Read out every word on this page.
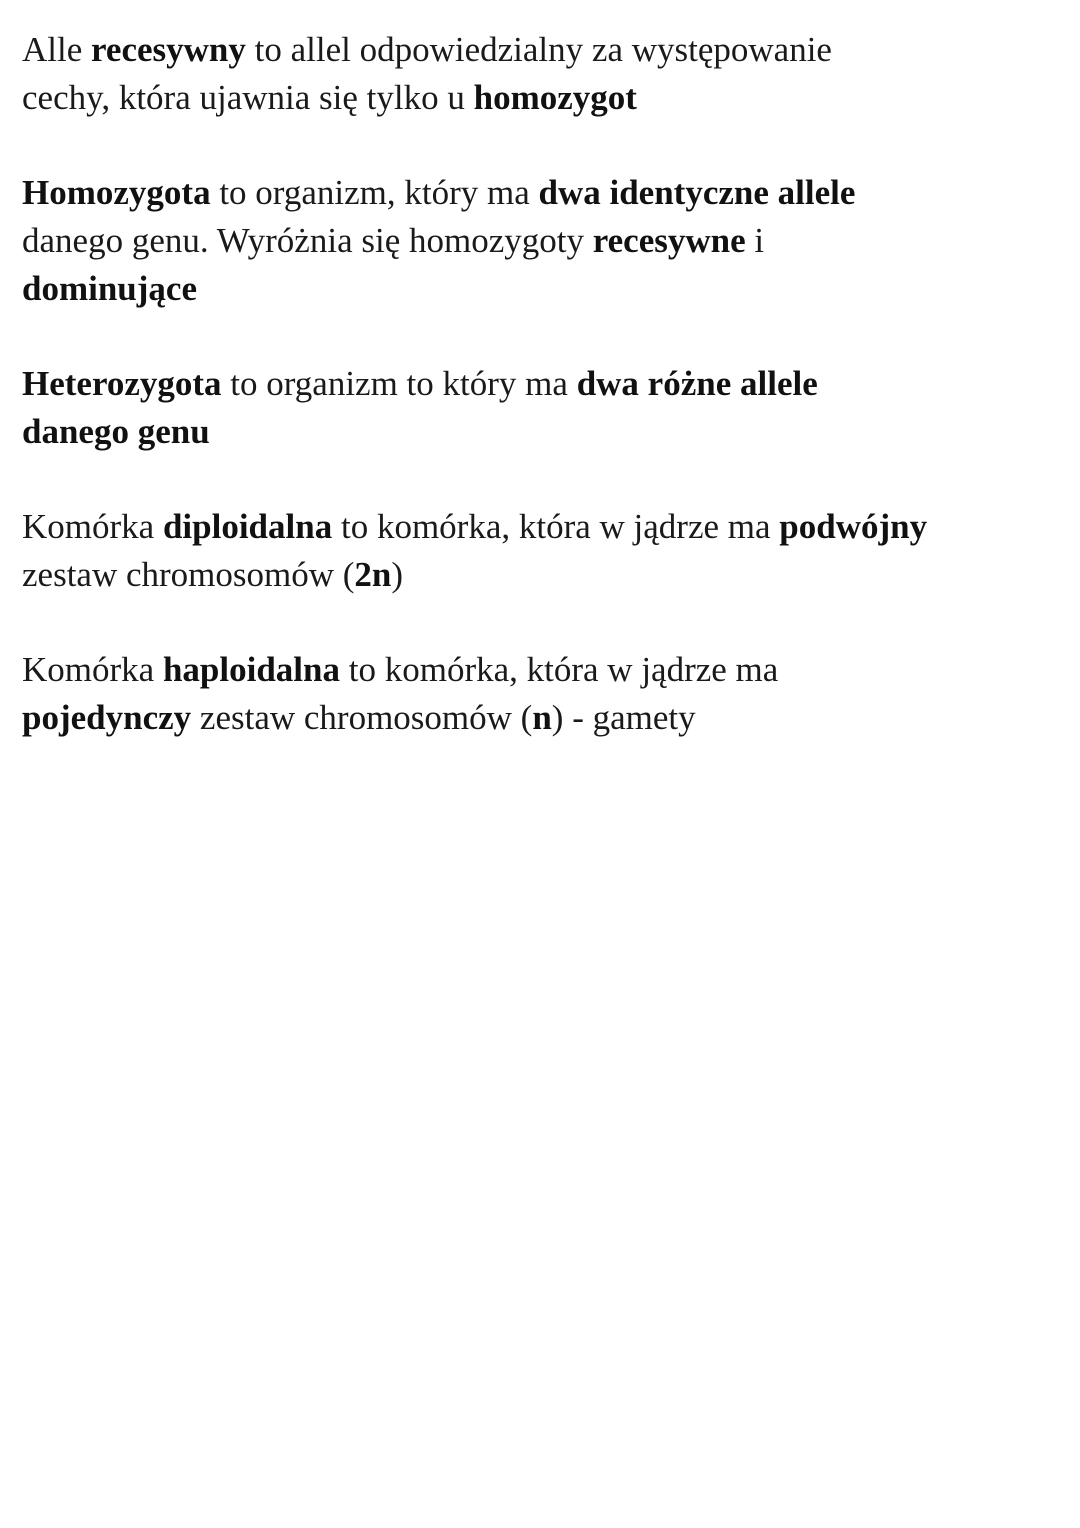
Alle recesywny to allel odpowiedzialny za występowanie
cechy, która ujawnia się tylko u homozygot

Homozygota to organizm, który ma dwa identyczne allele
danego genu. Wyróżnia się homozygoty recesywne i
dominujące

Heterozygota to organizm to który ma dwa różne allele
danego genu

Komórka diploidalna to komórka, która w jądrze ma podwójny
zestaw chromosomów (2n)

Komórka haploidalna to komórka, która w jądrze ma
pojedynczy zestaw chromosomów (n) - gamety
